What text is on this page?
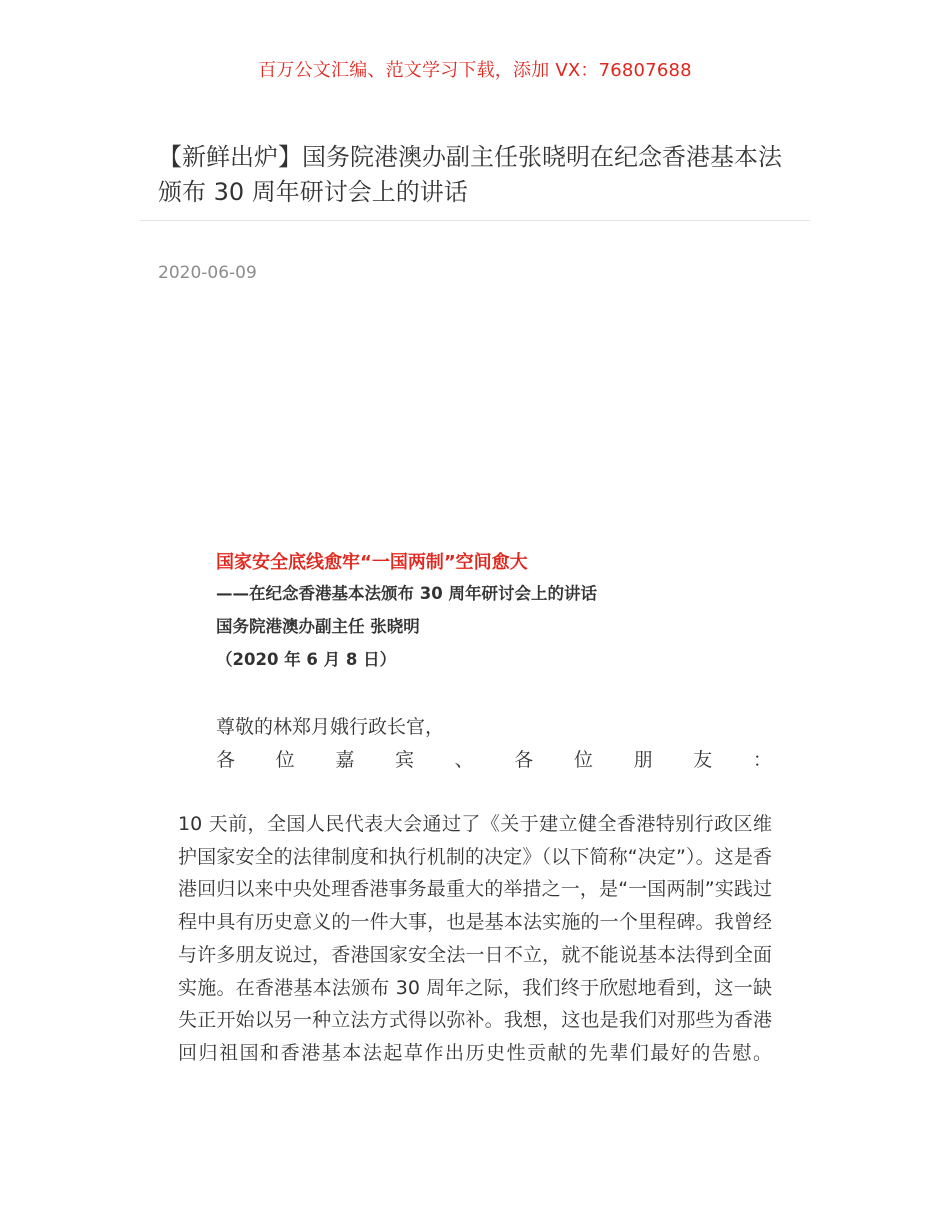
百万公文汇编、范文学习下载，添加 VX：76807688
【新鲜出炉】国务院港澳办副主任张晓明在纪念香港基本法颁布 30 周年研讨会上的讲话
2020-06-09

国家安全底线愈牢“一国两制”空间愈大

——在纪念香港基本法颁布 30 周年研讨会上的讲话

国务院港澳办副主任 张晓明

（2020 年 6 月 8 日）

尊敬的林郑月娥行政长官，
各 位 嘉 宾 、 各 位 朋 友 ：

10 天前，全国人民代表大会通过了《关于建立健全香港特别行政区维护国家安全的法律制度和执行机制的决定》（以下简称“决定”）。这是香港回归以来中央处理香港事务最重大的举措之一，是“一国两制”实践过程中具有历史意义的一件大事，也是基本法实施的一个里程碑。我曾经与许多朋友说过，香港国家安全法一日不立，就不能说基本法得到全面实施。在香港基本法颁布 30 周年之际，我们终于欣慰地看到，这一缺失正开始以另一种立法方式得以弥补。我想，这也是我们对那些为香港回归祖国和香港基本法起草作出历史性贡献的先辈们最好的告慰。
